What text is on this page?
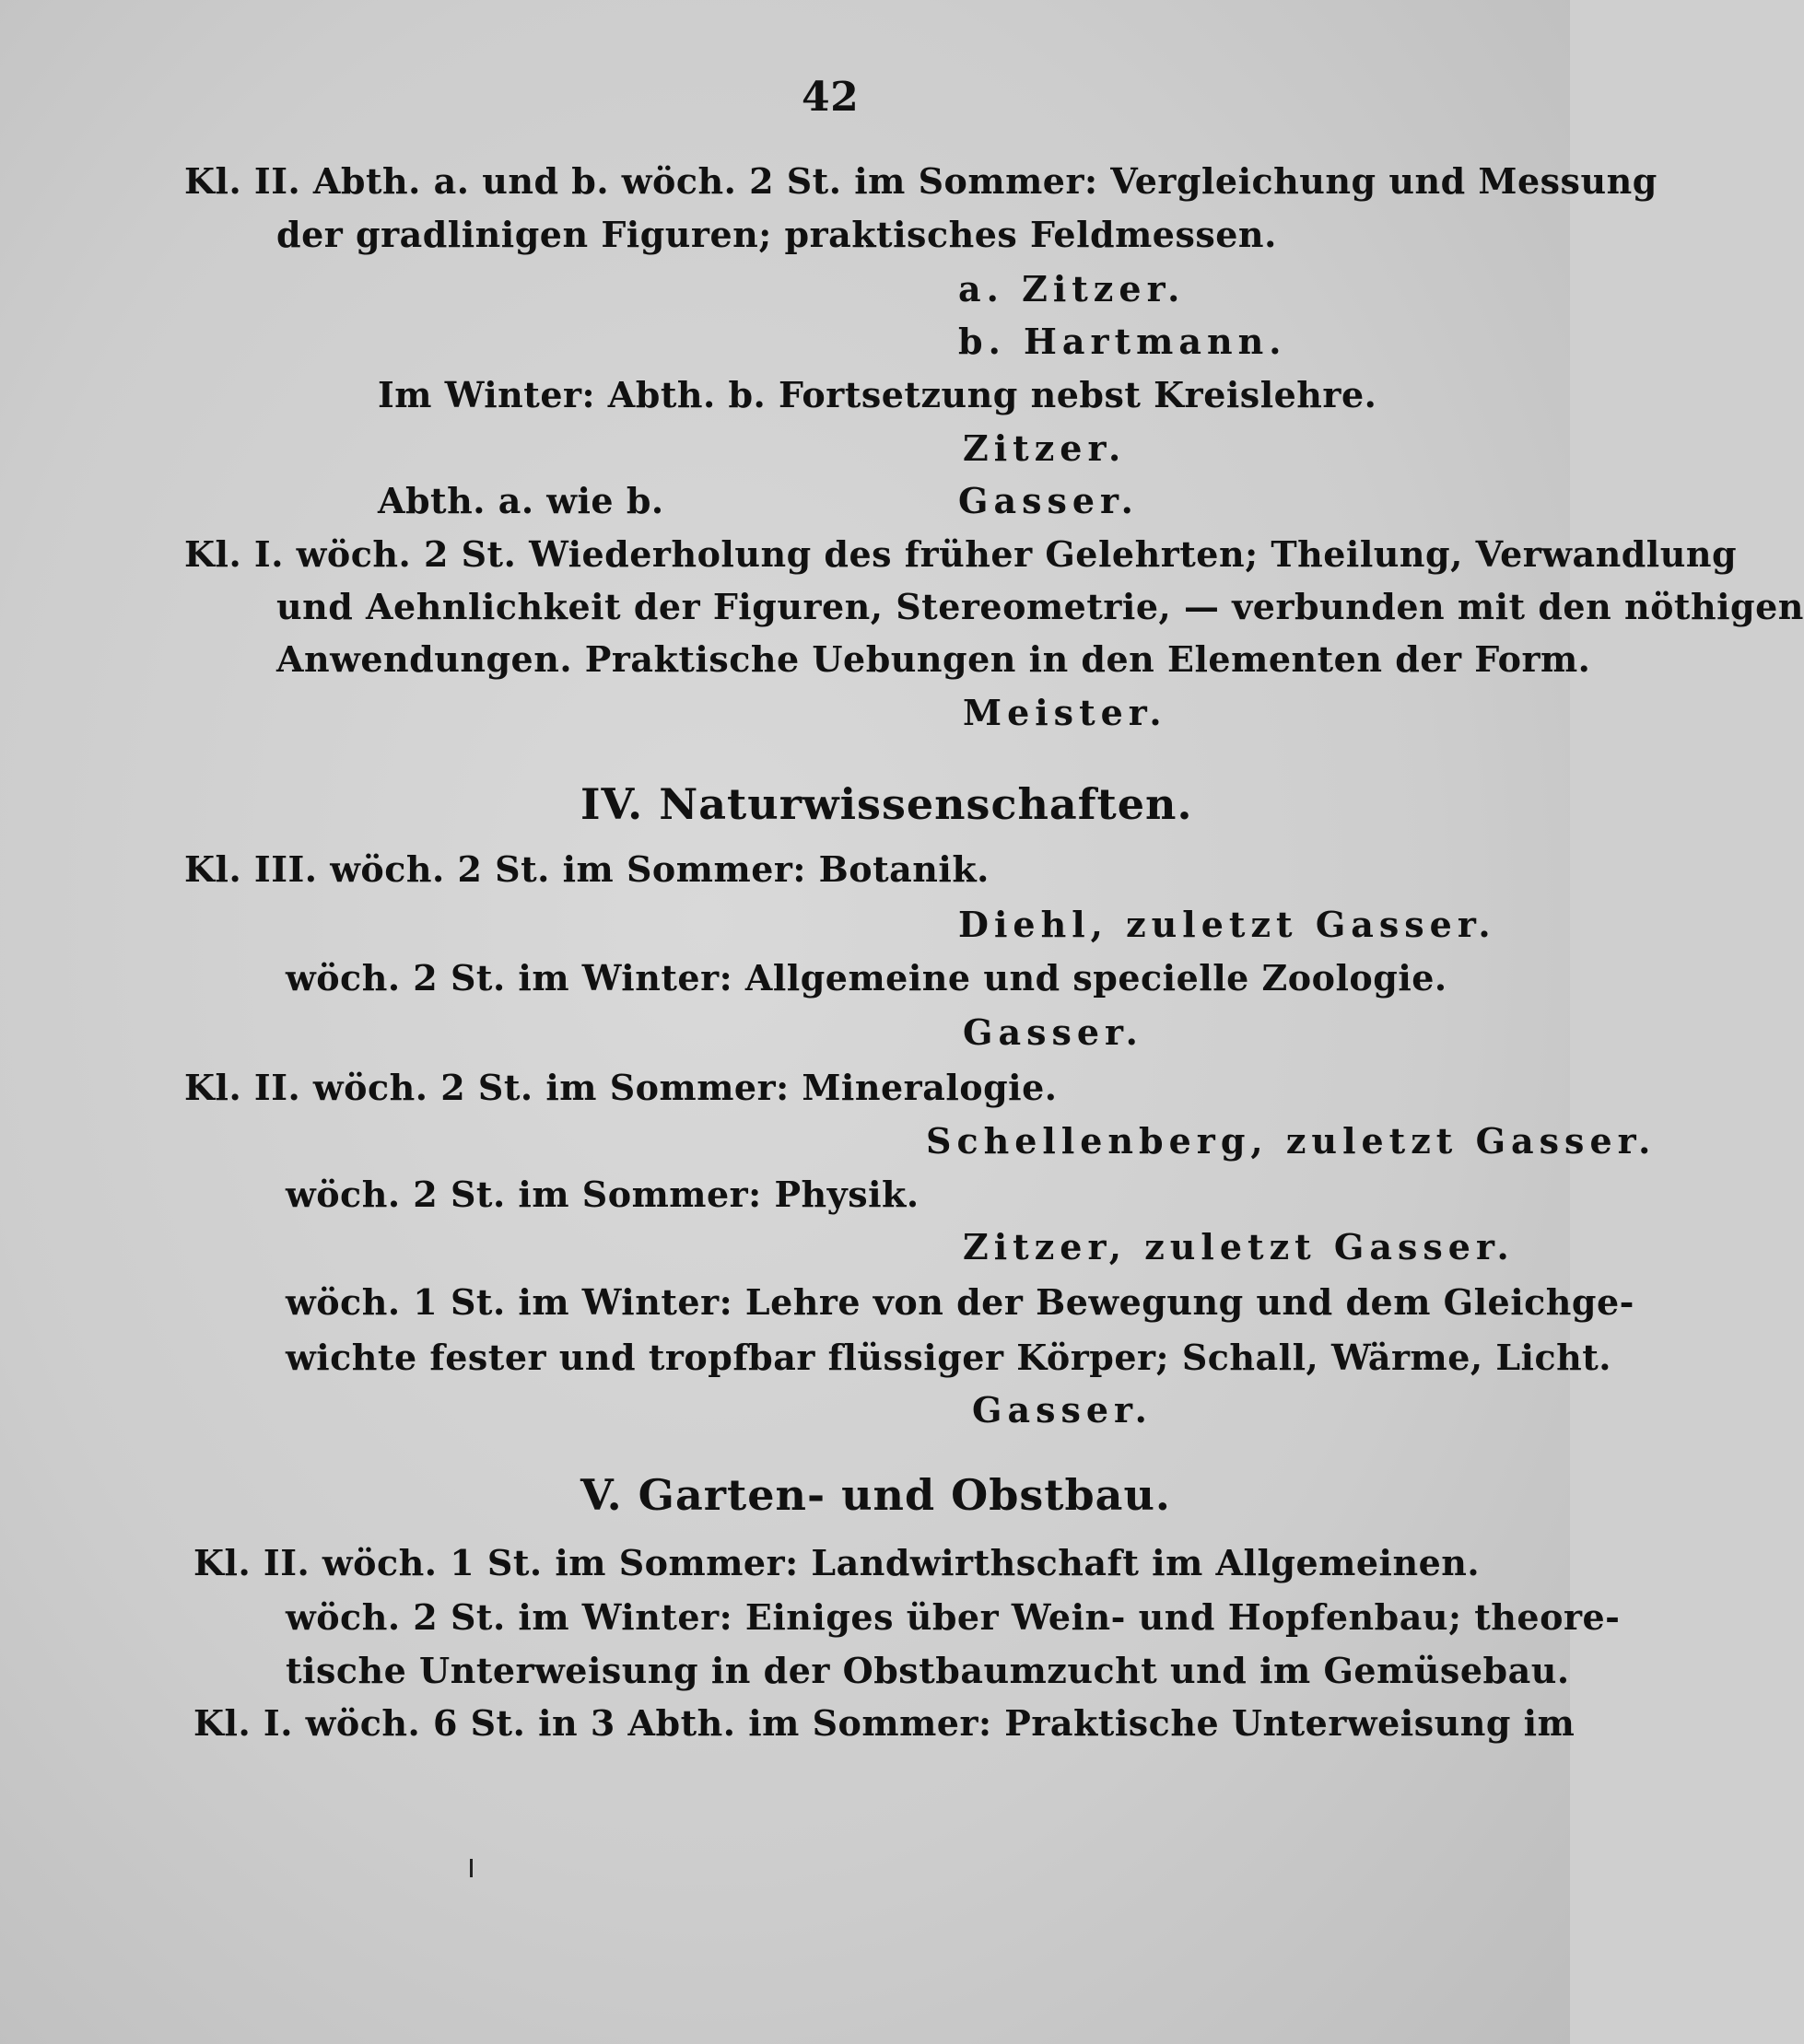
42
Kl. II. Abth. a. und b. wöch. 2 St. im Sommer: Vergleichung und Messung
der gradlinigen Figuren; praktisches Feldmessen.
a. Zitzer.
b. Hartmann.
Im Winter: Abth. b. Fortsetzung nebst Kreislehre.
Zitzer.
Abth. a. wie b.	Gasser.
Kl. I. wöch. 2 St. Wiederholung des früher Gelehrten; Theilung, Verwandlung
und Aehnlichkeit der Figuren, Stereometrie, — verbunden mit den nöthigen
Anwendungen. Praktische Uebungen in den Elementen der Form.
Meister.
IV. Naturwissenschaften.
Kl. III. wöch. 2 St. im Sommer: Botanik.
Diehl, zuletzt Gasser.
wöch. 2 St. im Winter: Allgemeine und specielle Zoologie.
Gasser.
Kl. II. wöch. 2 St. im Sommer: Mineralogie.
Schellenberg, zuletzt Gasser.
wöch. 2 St. im Sommer: Physik.
Zitzer, zuletzt Gasser.
wöch. 1 St. im Winter: Lehre von der Bewegung und dem Gleichge-
wichte fester und tropfbar flüssiger Körper; Schall, Wärme, Licht.
Gasser.
V. Garten- und Obstbau.
Kl. II. wöch. 1 St. im Sommer: Landwirthschaft im Allgemeinen.
wöch. 2 St. im Winter: Einiges über Wein- und Hopfenbau; theore-
tische Unterweisung in der Obstbaumzucht und im Gemüsebau.
Kl. I. wöch. 6 St. in 3 Abth. im Sommer: Praktische Unterweisung im
